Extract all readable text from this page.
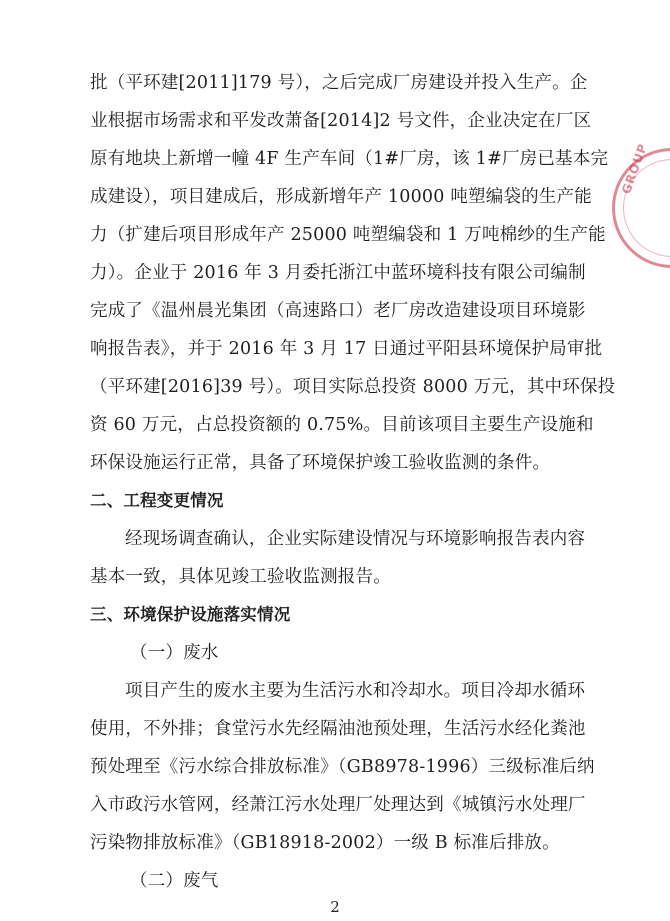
批（平环建[2011]179 号），之后完成厂房建设并投入生产。企
业根据市场需求和平发改萧备[2014]2 号文件，企业决定在厂区
原有地块上新增一幢 4F 生产车间（1#厂房，该 1#厂房已基本完
成建设），项目建成后，形成新增年产 10000 吨塑编袋的生产能
力（扩建后项目形成年产 25000 吨塑编袋和 1 万吨棉纱的生产能
力）。企业于 2016 年 3 月委托浙江中蓝环境科技有限公司编制
完成了《温州晨光集团（高速路口）老厂房改造建设项目环境影
响报告表》，并于 2016 年 3 月 17 日通过平阳县环境保护局审批
（平环建[2016]39 号）。项目实际总投资 8000 万元，其中环保投
资 60 万元，占总投资额的 0.75%。目前该项目主要生产设施和
环保设施运行正常，具备了环境保护竣工验收监测的条件。
二、工程变更情况
经现场调查确认，企业实际建设情况与环境影响报告表内容
基本一致，具体见竣工验收监测报告。
三、环境保护设施落实情况
（一）废水
项目产生的废水主要为生活污水和冷却水。项目冷却水循环
使用，不外排；食堂污水先经隔油池预处理，生活污水经化粪池
预处理至《污水综合排放标准》（GB8978-1996）三级标准后纳
入市政污水管网，经萧江污水处理厂处理达到《城镇污水处理厂
污染物排放标准》（GB18918-2002）一级 B 标准后排放。
（二）废气
GROUP
2
